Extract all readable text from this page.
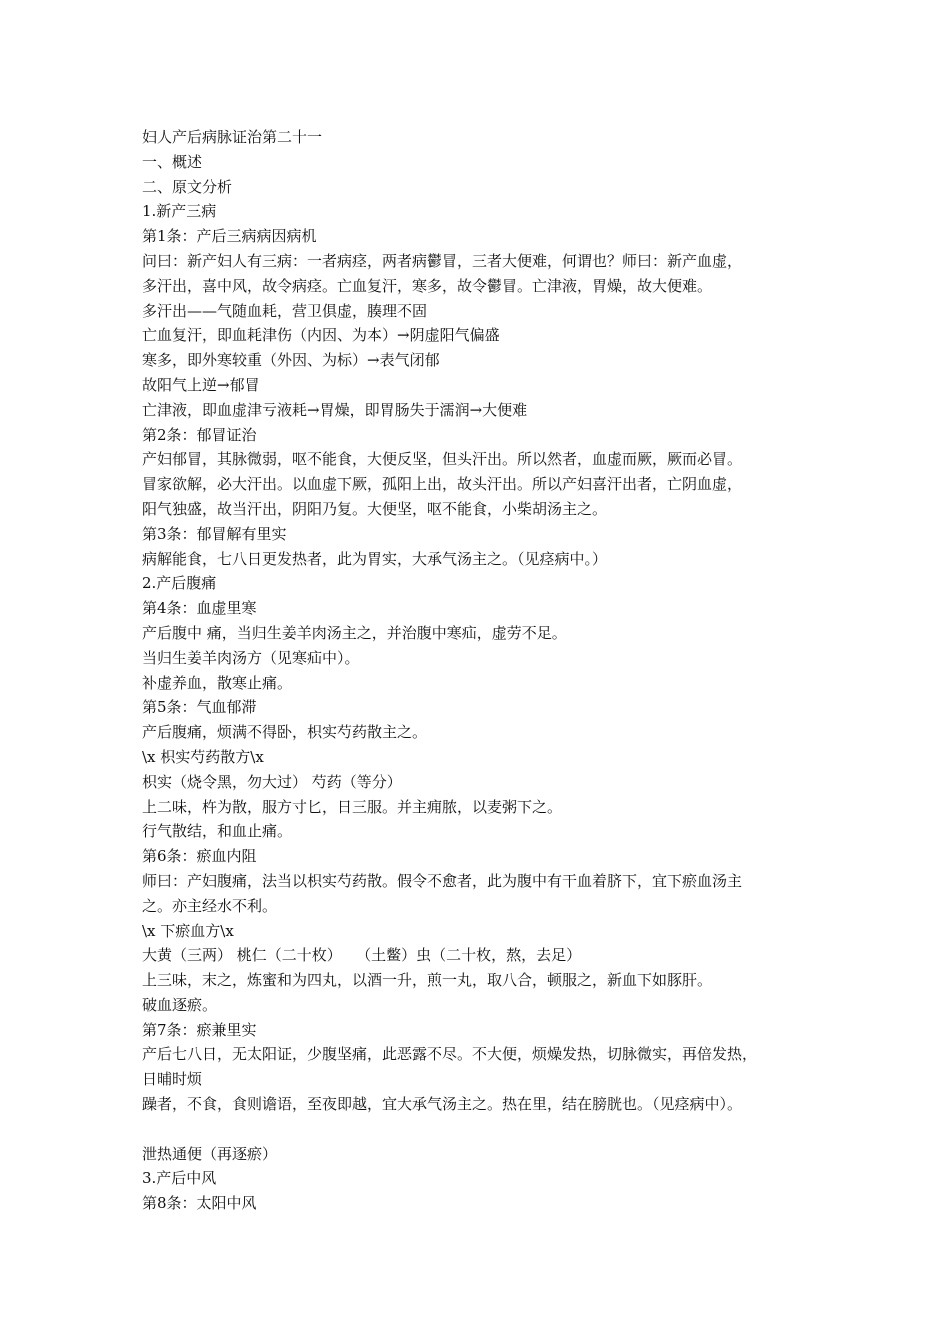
妇人产后病脉证治第二十一
一、概述
二、原文分析
1.新产三病
第1条：产后三病病因病机
问曰：新产妇人有三病：一者病痉，两者病鬱冒，三者大便难，何谓也？师曰：新产血虚，
多汗出，喜中风，故令病痉。亡血复汗，寒多，故令鬱冒。亡津液，胃燥，故大便难。
多汗出——气随血耗，营卫俱虚，腠理不固
亡血复汗，即血耗津伤（内因、为本）→阴虚阳气偏盛
寒多，即外寒较重（外因、为标）→表气闭郁
故阳气上逆→郁冒
亡津液，即血虚津亏液耗→胃燥，即胃肠失于濡润→大便难
第2条：郁冒证治
产妇郁冒，其脉微弱，呕不能食，大便反坚，但头汗出。所以然者，血虚而厥，厥而必冒。
冒家欲解，必大汗出。以血虚下厥，孤阳上出，故头汗出。所以产妇喜汗出者，亡阴血虚，
阳气独盛，故当汗出，阴阳乃复。大便坚，呕不能食，小柴胡汤主之。
第3条：郁冒解有里实
病解能食，七八日更发热者，此为胃实，大承气汤主之。（见痉病中。）
2.产后腹痛
第4条：血虚里寒
产后腹中 痛，当归生姜羊肉汤主之，并治腹中寒疝，虚劳不足。
当归生姜羊肉汤方（见寒疝中）。
补虚养血，散寒止痛。
第5条：气血郁滞
产后腹痛，烦满不得卧，枳实芍药散主之。
\x 枳实芍药散方\x
枳实（烧令黑，勿大过） 芍药（等分）
上二味，杵为散，服方寸匕，日三服。并主痈脓，以麦粥下之。
行气散结，和血止痛。
第6条：瘀血内阻
师曰：产妇腹痛，法当以枳实芍药散。假令不愈者，此为腹中有干血着脐下，宜下瘀血汤主
之。亦主经水不利。
\x 下瘀血方\x
大黄（三两） 桃仁（二十枚）   （土鳖）虫（二十枚，熬，去足）
上三味，末之，炼蜜和为四丸，以酒一升，煎一丸，取八合，顿服之，新血下如豚肝。
破血逐瘀。
第7条：瘀兼里实
产后七八日，无太阳证，少腹坚痛，此恶露不尽。不大便，烦燥发热，切脉微实，再倍发热，
日晡时烦
躁者，不食，食则谵语，至夜即越，宜大承气汤主之。热在里，结在膀胱也。（见痉病中）。
泄热通便（再逐瘀）
3.产后中风
第8条：太阳中风
